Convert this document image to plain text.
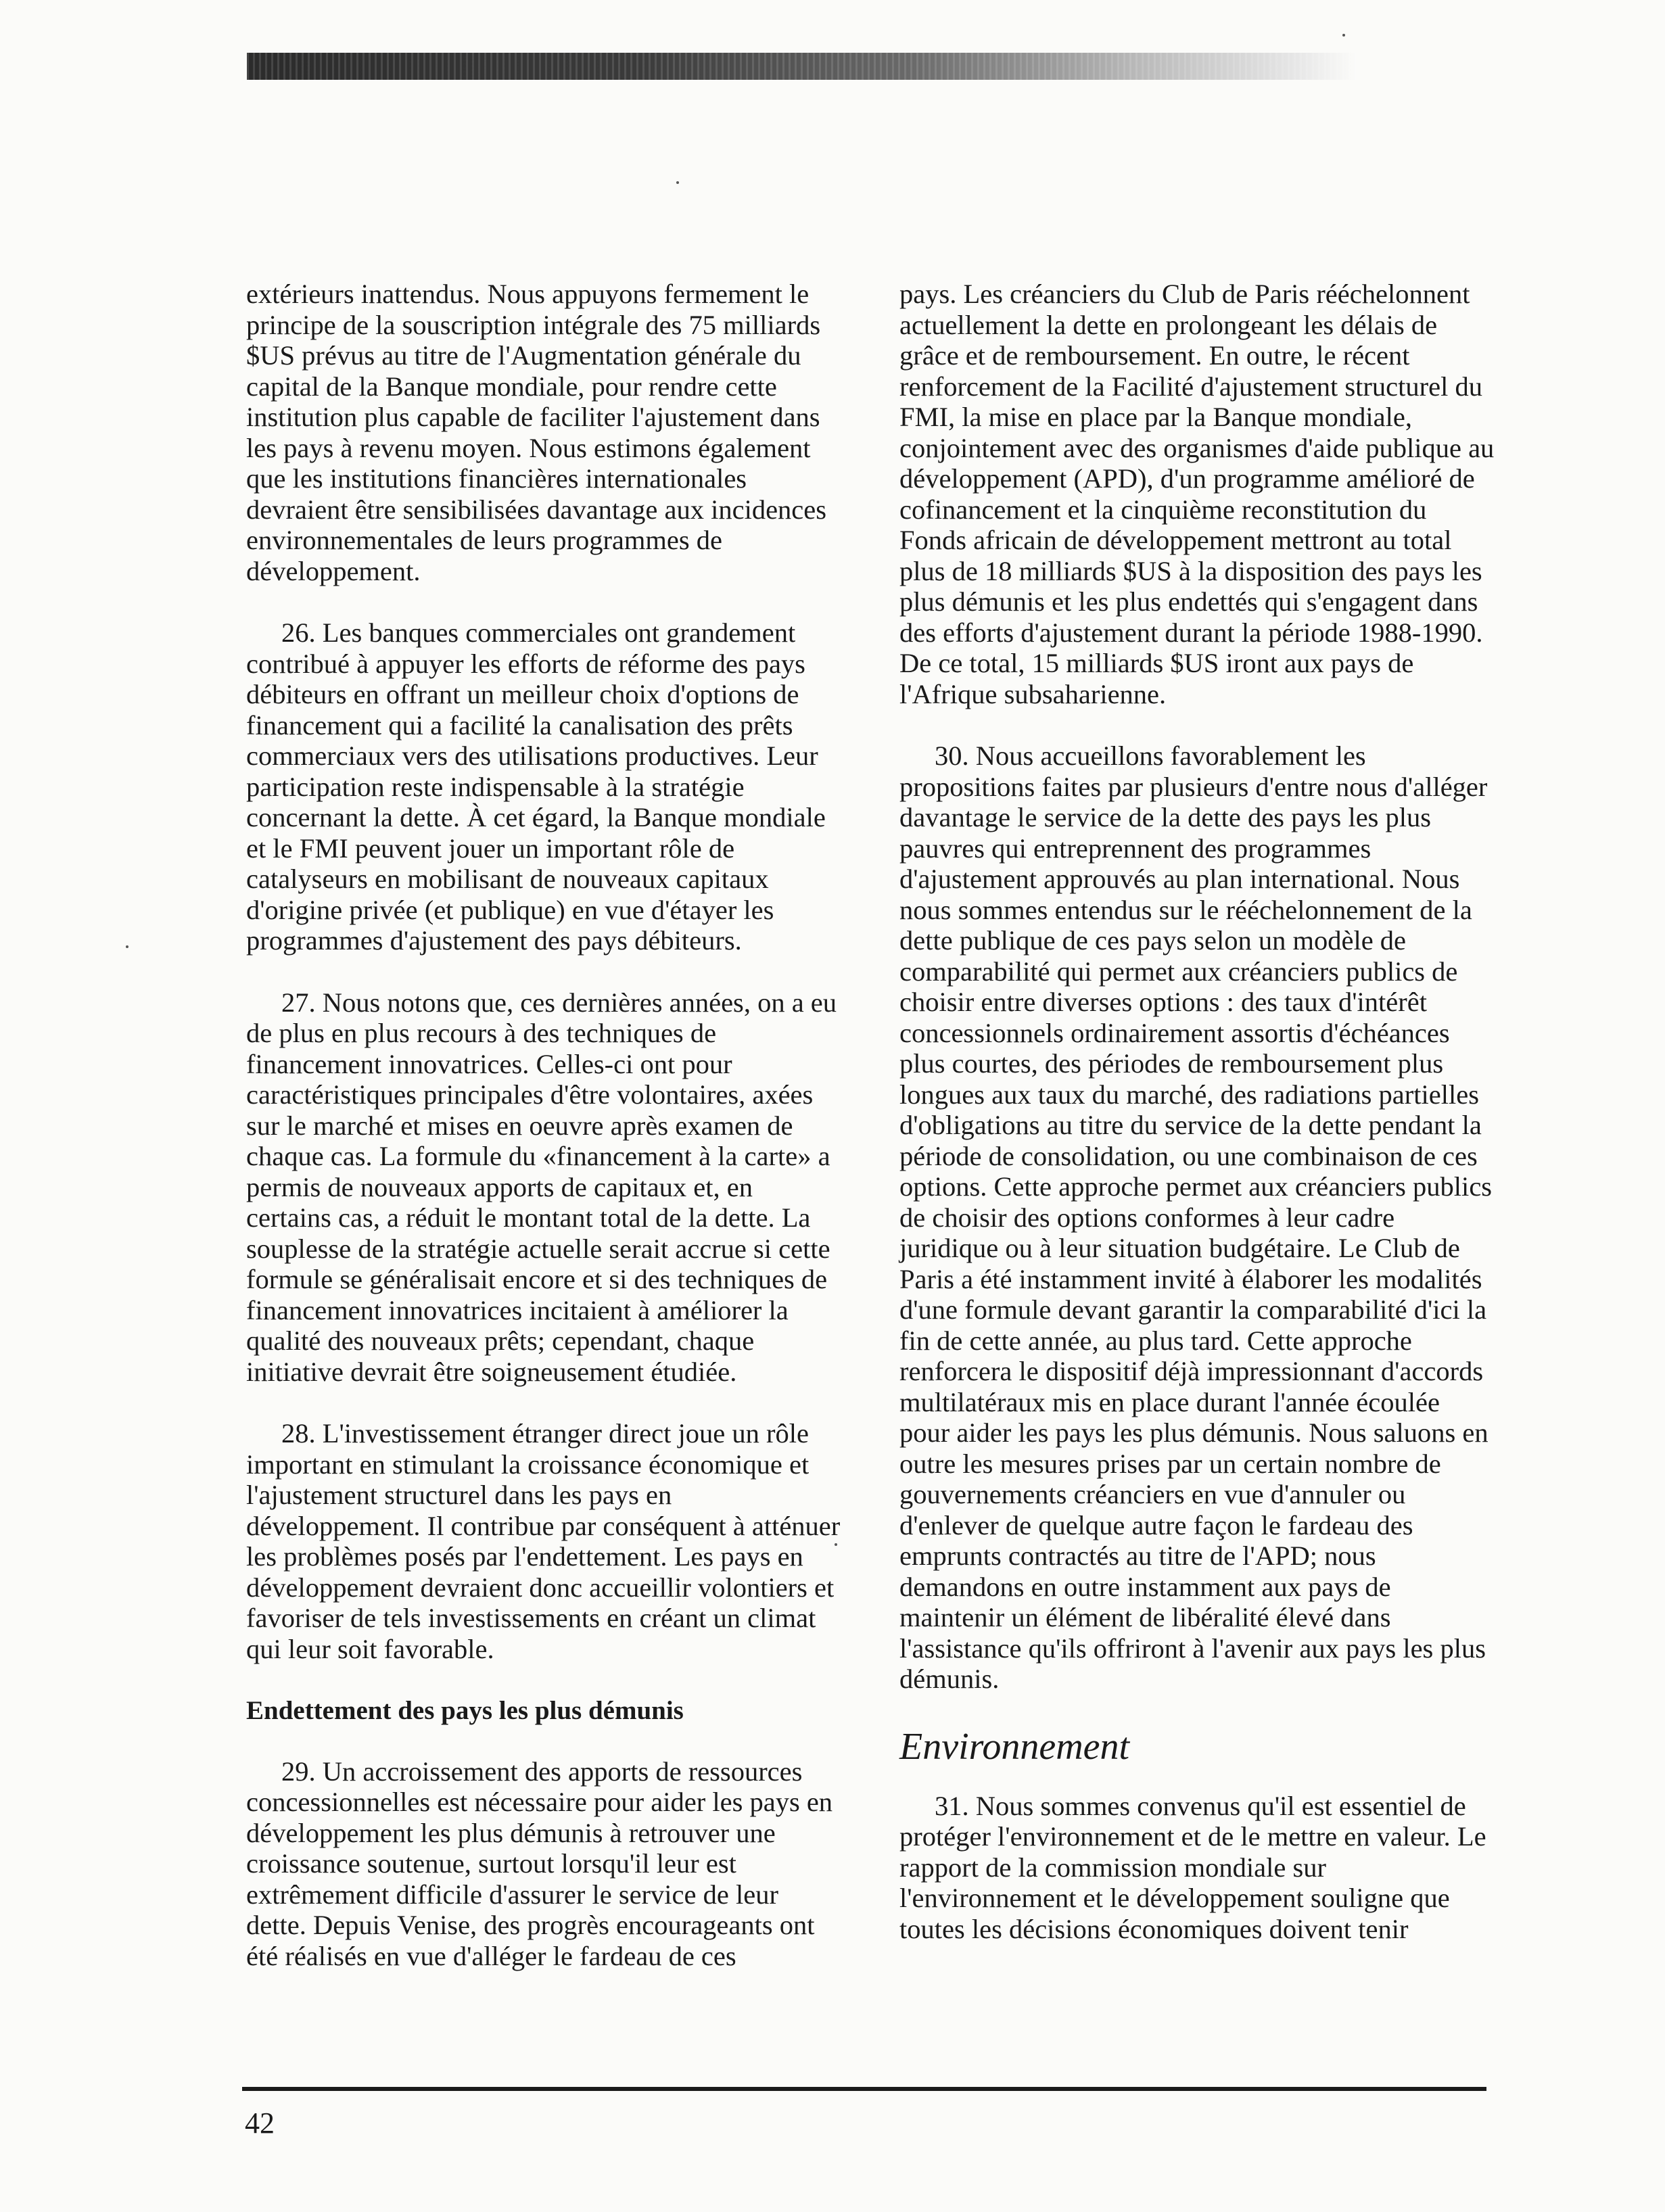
extérieurs inattendus. Nous appuyons fermement le principe de la souscription intégrale des 75 milliards $US prévus au titre de l'Augmentation générale du capital de la Banque mondiale, pour rendre cette institution plus capable de faciliter l'ajustement dans les pays à revenu moyen. Nous estimons également que les institutions financières internationales devraient être sensibilisées davantage aux incidences environnementales de leurs programmes de développement.

26. Les banques commerciales ont grandement contribué à appuyer les efforts de réforme des pays débiteurs en offrant un meilleur choix d'options de financement qui a facilité la canalisation des prêts commerciaux vers des utilisations productives. Leur participation reste indispensable à la stratégie concernant la dette. À cet égard, la Banque mondiale et le FMI peuvent jouer un important rôle de catalyseurs en mobilisant de nouveaux capitaux d'origine privée (et publique) en vue d'étayer les programmes d'ajustement des pays débiteurs.

27. Nous notons que, ces dernières années, on a eu de plus en plus recours à des techniques de financement innovatrices. Celles-ci ont pour caractéristiques principales d'être volontaires, axées sur le marché et mises en oeuvre après examen de chaque cas. La formule du «financement à la carte» a permis de nouveaux apports de capitaux et, en certains cas, a réduit le montant total de la dette. La souplesse de la stratégie actuelle serait accrue si cette formule se généralisait encore et si des techniques de financement innovatrices incitaient à améliorer la qualité des nouveaux prêts; cependant, chaque initiative devrait être soigneusement étudiée.

28. L'investissement étranger direct joue un rôle important en stimulant la croissance économique et l'ajustement structurel dans les pays en développement. Il contribue par conséquent à atténuer les problèmes posés par l'endettement. Les pays en développement devraient donc accueillir volontiers et favoriser de tels investissements en créant un climat qui leur soit favorable.

Endettement des pays les plus démunis

29. Un accroissement des apports de ressources concessionnelles est nécessaire pour aider les pays en développement les plus démunis à retrouver une croissance soutenue, surtout lorsqu'il leur est extrêmement difficile d'assurer le service de leur dette. Depuis Venise, des progrès encourageants ont été réalisés en vue d'alléger le fardeau de ces

pays. Les créanciers du Club de Paris rééchelonnent actuellement la dette en prolongeant les délais de grâce et de remboursement. En outre, le récent renforcement de la Facilité d'ajustement structurel du FMI, la mise en place par la Banque mondiale, conjointement avec des organismes d'aide publique au développement (APD), d'un programme amélioré de cofinancement et la cinquième reconstitution du Fonds africain de développement mettront au total plus de 18 milliards $US à la disposition des pays les plus démunis et les plus endettés qui s'engagent dans des efforts d'ajustement durant la période 1988-1990. De ce total, 15 milliards $US iront aux pays de l'Afrique subsaharienne.

30. Nous accueillons favorablement les propositions faites par plusieurs d'entre nous d'alléger davantage le service de la dette des pays les plus pauvres qui entreprennent des programmes d'ajustement approuvés au plan international. Nous nous sommes entendus sur le rééchelonnement de la dette publique de ces pays selon un modèle de comparabilité qui permet aux créanciers publics de choisir entre diverses options : des taux d'intérêt concessionnels ordinairement assortis d'échéances plus courtes, des périodes de remboursement plus longues aux taux du marché, des radiations partielles d'obligations au titre du service de la dette pendant la période de consolidation, ou une combinaison de ces options. Cette approche permet aux créanciers publics de choisir des options conformes à leur cadre juridique ou à leur situation budgétaire. Le Club de Paris a été instamment invité à élaborer les modalités d'une formule devant garantir la comparabilité d'ici la fin de cette année, au plus tard. Cette approche renforcera le dispositif déjà impressionnant d'accords multilatéraux mis en place durant l'année écoulée pour aider les pays les plus démunis. Nous saluons en outre les mesures prises par un certain nombre de gouvernements créanciers en vue d'annuler ou d'enlever de quelque autre façon le fardeau des emprunts contractés au titre de l'APD; nous demandons en outre instamment aux pays de maintenir un élément de libéralité élevé dans l'assistance qu'ils offriront à l'avenir aux pays les plus démunis.

Environnement

31. Nous sommes convenus qu'il est essentiel de protéger l'environnement et de le mettre en valeur. Le rapport de la commission mondiale sur l'environnement et le développement souligne que toutes les décisions économiques doivent tenir

42
